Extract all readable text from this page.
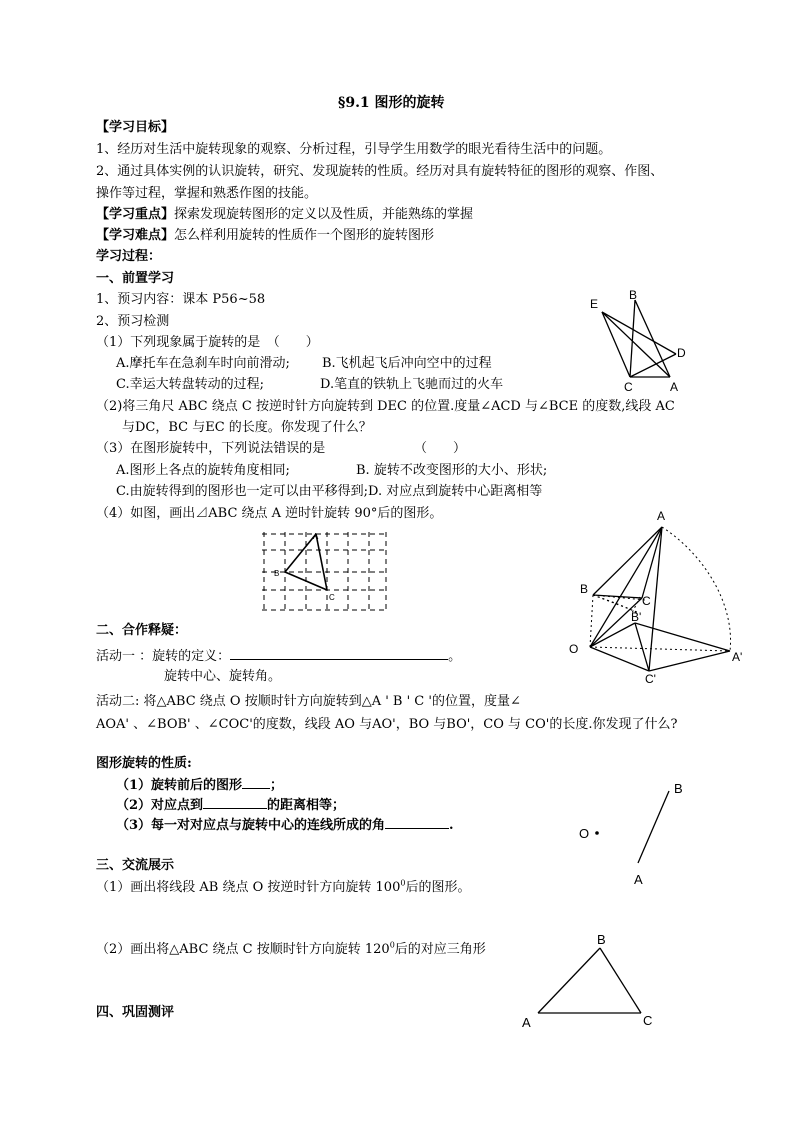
§9.1 图形的旋转
【学习目标】
1、经历对生活中旋转现象的观察、分析过程，引导学生用数学的眼光看待生活中的问题。
2、通过具体实例的认识旋转，研究、发现旋转的性质。经历对具有旋转特征的图形的观察、作图、
操作等过程，掌握和熟悉作图的技能。
【学习重点】探索发现旋转图形的定义以及性质，并能熟练的掌握
【学习难点】怎么样利用旋转的性质作一个图形的旋转图形
学习过程：
一、前置学习
1、预习内容：课本 P56~58
2、预习检测
（1）下列现象属于旋转的是　（　　）
A.摩托车在急刹车时向前滑动; B.飞机起飞后冲向空中的过程
C.幸运大转盘转动的过程;	D.笔直的铁轨上飞驰而过的火车
（2)将三角尺 ABC 绕点 C 按逆时针方向旋转到 DEC 的位置.度量∠ACD 与∠BCE 的度数,线段 AC
与DC，BC 与EC 的长度。你发现了什么？
（3）在图形旋转中，下列说法错误的是	（　　）
A.图形上各点的旋转角度相同;	B. 旋转不改变图形的大小、形状;
C.由旋转得到的图形也一定可以由平移得到;D. 对应点到旋转中心距离相等
（4）如图，画出⊿ABC 绕点 A 逆时针旋转 90°后的图形。
二、合作释疑：
活动一 ：旋转的定义：	。
旋转中心、旋转角。
活动二: 将△ABC 绕点 O 按顺时针方向旋转到△A ' B ' C '的位置，度量∠
AOA' 、∠BOB' 、∠COC'的度数，线段 AO 与AO'，BO 与BO'，CO 与 CO'的长度.你发现了什么?
图形旋转的性质:
（1）旋转前后的图形 ；
（2）对应点到	的距离相等；
（3）每一对对应点与旋转中心的连线所成的角	.
三、交流展示
（1）画出将线段 AB 绕点 O 按逆时针方向旋转 $100^0$后的图形。
（2）画出将△ABC 绕点 C 按顺时针方向旋转 $120^0$后的对应三角形
四、巩固测评
E
B
D
C	A
A
B
C
A
B
C
O
A'
B'
C'
B
O
A
B
A	C
